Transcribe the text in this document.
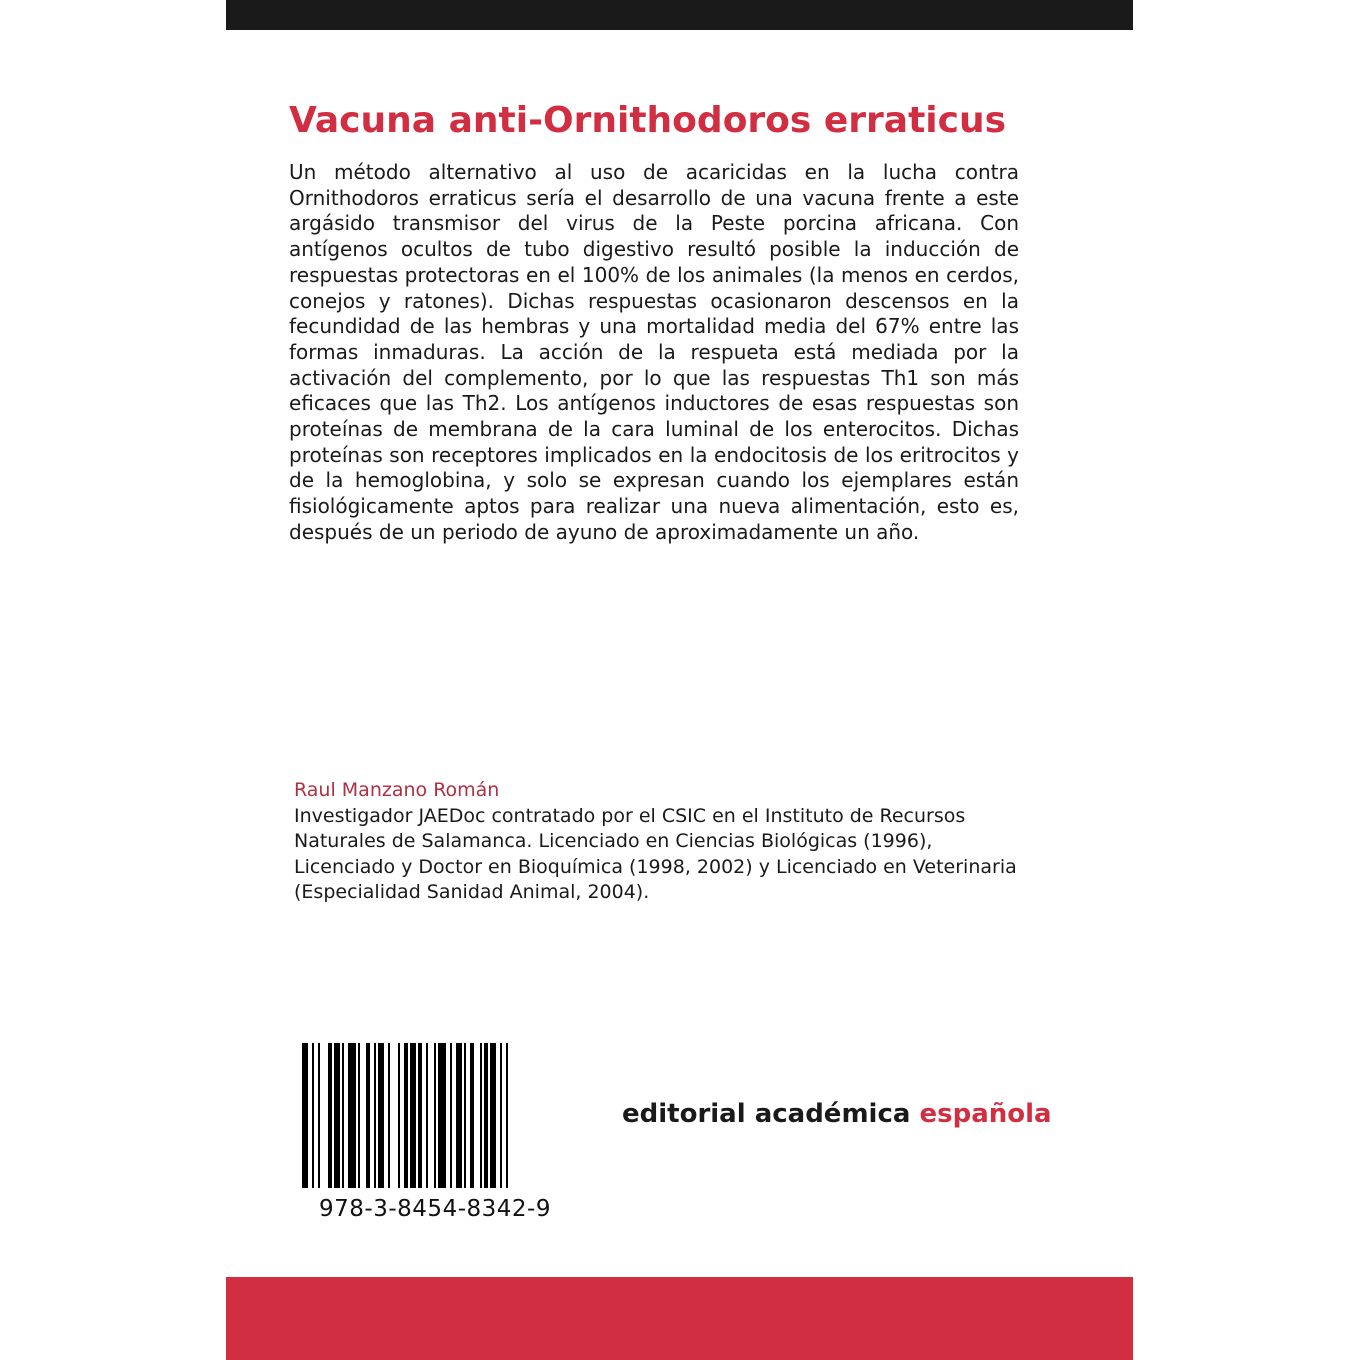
Vacuna anti-Ornithodoros erraticus

Un método alternativo al uso de acaricidas en la lucha contra Ornithodoros erraticus sería el desarrollo de una vacuna frente a este argásido transmisor del virus de la Peste porcina africana. Con antígenos ocultos de tubo digestivo resultó posible la inducción de respuestas protectoras en el 100% de los animales (la menos en cerdos, conejos y ratones). Dichas respuestas ocasionaron descensos en la fecundidad de las hembras y una mortalidad media del 67% entre las formas inmaduras. La acción de la respueta está mediada por la activación del complemento, por lo que las respuestas Th1 son más eficaces que las Th2. Los antígenos inductores de esas respuestas son proteínas de membrana de la cara luminal de los enterocitos. Dichas proteínas son receptores implicados en la endocitosis de los eritrocitos y de la hemoglobina, y solo se expresan cuando los ejemplares están fisiológicamente aptos para realizar una nueva alimentación, esto es, después de un periodo de ayuno de aproximadamente un año.

Raul Manzano Román

Investigador JAEDoc contratado por el CSIC en el Instituto de Recursos Naturales de Salamanca. Licenciado en Ciencias Biológicas (1996), Licenciado y Doctor en Bioquímica (1998, 2002) y Licenciado en Veterinaria (Especialidad Sanidad Animal, 2004).

978-3-8454-8342-9
editorial académica española
